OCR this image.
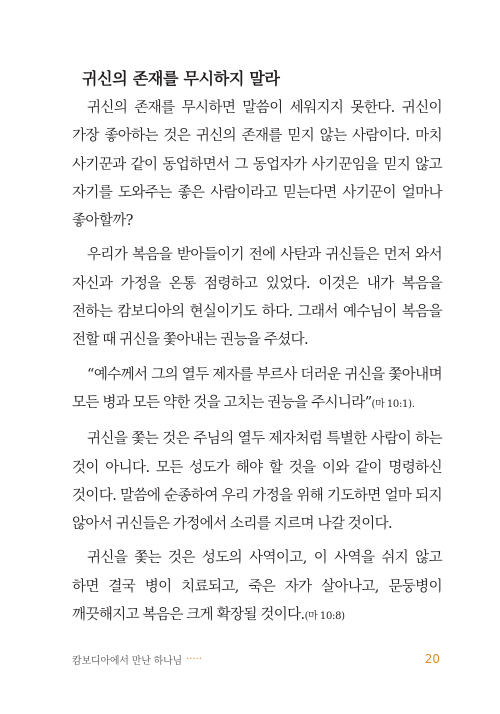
귀신의 존재를 무시하지 말라

귀신의 존재를 무시하면 말씀이 세워지지 못한다. 귀신이 가장 좋아하는 것은 귀신의 존재를 믿지 않는 사람이다. 마치 사기꾼과 같이 동업하면서 그 동업자가 사기꾼임을 믿지 않고 자기를 도와주는 좋은 사람이라고 믿는다면 사기꾼이 얼마나 좋아할까?

우리가 복음을 받아들이기 전에 사탄과 귀신들은 먼저 와서 자신과 가정을 온통 점령하고 있었다. 이것은 내가 복음을 전하는 캄보디아의 현실이기도 하다. 그래서 예수님이 복음을 전할 때 귀신을 쫓아내는 권능을 주셨다.

“예수께서 그의 열두 제자를 부르사 더러운 귀신을 쫓아내며 모든 병과 모든 약한 것을 고치는 권능을 주시니라”(마 10:1).

귀신을 쫓는 것은 주님의 열두 제자처럼 특별한 사람이 하는 것이 아니다. 모든 성도가 해야 할 것을 이와 같이 명령하신 것이다. 말씀에 순종하여 우리 가정을 위해 기도하면 얼마 되지 않아서 귀신들은 가정에서 소리를 지르며 나갈 것이다.

귀신을 쫓는 것은 성도의 사역이고, 이 사역을 쉬지 않고 하면 결국 병이 치료되고, 죽은 자가 살아나고, 문둥병이 깨끗해지고 복음은 크게 확장될 것이다.(마 10:8)

캄보디아에서 만난 하나님 ·····	20
